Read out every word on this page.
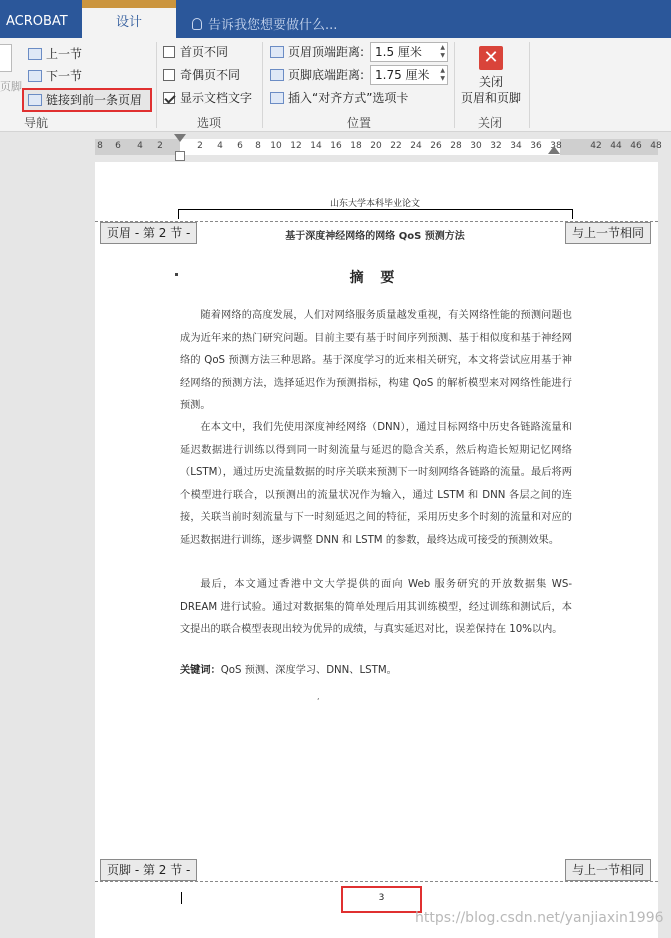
ACROBAT	设计	告诉我您想要做什么...
页脚
上一节
下一节
链接到前一条页眉
导航
首页不同
奇偶页不同
显示文档文字
选项
页眉顶端距离: 1.5 厘米	▲
▼
页脚底端距离: 1.75 厘米 ▲
▼
插入“对齐方式”选项卡
位置
✕
关闭
页眉和页脚
关闭
8	6	4	2	2	4	6	8	10 12 14 16 18 20 22 24 26 28 30 32 34 36 38	42 44 46 48
山东大学本科毕业论文
页眉 - 第 2 节 -	与上一节相同
基于深度神经网络的网络 QoS 预测方法
摘 要
随着网络的高度发展，人们对网络服务质量越发重视，有关网络性能的预测问题也成为近年来的热门研究问题。目前主要有基于时间序列预测、基于相似度和基于神经网络的 QoS 预测方法三种思路。基于深度学习的近来相关研究，本文将尝试应用基于神经网络的预测方法，选择延迟作为预测指标，构建 QoS 的解析模型来对网络性能进行预测。
在本文中，我们先使用深度神经网络（DNN），通过目标网络中历史各链路流量和延迟数据进行训练以得到同一时刻流量与延迟的隐含关系，然后构造长短期记忆网络（LSTM），通过历史流量数据的时序关联来预测下一时刻网络各链路的流量。最后将两个模型进行联合，以预测出的流量状况作为输入，通过 LSTM 和 DNN 各层之间的连接，关联当前时刻流量与下一时刻延迟之间的特征，采用历史多个时刻的流量和对应的延迟数据进行训练，逐步调整 DNN 和 LSTM 的参数，最终达成可接受的预测效果。
最后，本文通过香港中文大学提供的面向 Web 服务研究的开放数据集 WS-DREAM 进行试验。通过对数据集的简单处理后用其训练模型，经过训练和测试后，本文提出的联合模型表现出较为优异的成绩，与真实延迟对比，误差保持在 10%以内。
关键词：QoS 预测、深度学习、DNN、LSTM。
,
页脚 - 第 2 节 -	与上一节相同
3
https://blog.csdn.net/yanjiaxin1996
